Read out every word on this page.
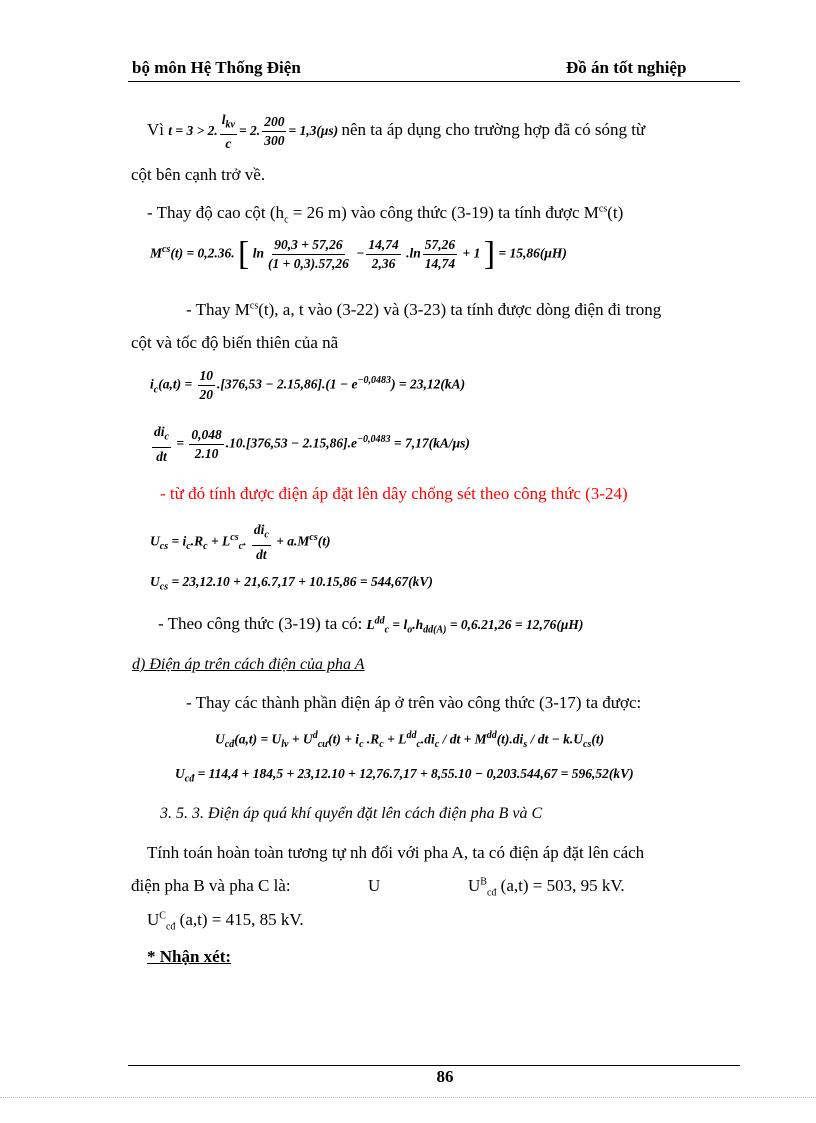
bộ môn Hệ Thống Điện	Đồ án tốt nghiệp
Vì t = 3 > 2. $\frac{l_{kv}}{c} = 2$. $\frac{200}{300} = 1,3(\mu s)$ nên ta áp dụng cho trường hợp đã có sóng từ
cột bên cạnh trở về.
- Thay độ cao cột ($h_c = 26$ m) vào công thức (3-19) ta tính được $M^{cs}(t)$
$M^{cs}(t) = 0,2.36$. [ $\ln \frac{90,3 + 57,26}{(1 + 0,3).57,26} - \frac{14,74}{2,36} .\ln \frac{57,26}{14,74} + 1$ ] = 15,86(μH)
- Thay $M^{cs}(t)$, a, t vào (3-22) và (3-23) ta tính được dòng điện đi trong
cột và tốc độ biến thiên của nã
$i_c(a,t) = \frac{10}{20} .[376,53 - 2.15,86].(1 - e^{-0,0483}) = 23,12(kA)$
$\frac{di_c}{dt} = \frac{0,048}{2.10} .10.[376,53 - 2.15,86].e^{-0,0483} = 7,17(kA/\mu s)$
- từ đó tính được điện áp đặt lên dây chống sét theo công thức (3-24)
$U_{cs} = i_c.R_c + L^{cs}_c$. $\frac{di_c}{dt} + a.M^{cs}(t)$
$U_{cs} = 23,12.10 + 21,6.7,17 + 10.15,86 = 544,67(kV)$
- Theo công thức (3-19) ta có: $L^{dd}_c = l_o.h_{dd(A)} = 0,6.21,26 = 12,76(\mu H)$
d) Điện áp trên cách điện của pha A
- Thay các thành phần điện áp ở trên vào công thức (3-17) ta được:
$U_{cđ}(a,t) = U_{lv} + U^d_{cư}(t) + i_c$ $.R_c + L^{dd}_c.di_c$ / dt + $M^{dd}(t).di_s$ / dt − $k.U_{cs}(t)$
$U_{cđ} = 114,4 + 184,5 + 23,12.10 + 12,76.7,17 + 8,55.10 - 0,203.544,67 = 596,52(kV)$
3. 5. 3. Điện áp quá khí quyển đặt lên cách điện pha B và C
Tính toán hoàn toàn tương tự nh đối với pha A, ta có điện áp đặt lên cách
điện pha B và pha C là:	U	$U^B_{cđ}$ (a,t) = 503, 95 kV.
$U^C_{cđ}$ (a,t) = 415, 85 kV.
* Nhận xét:
86
